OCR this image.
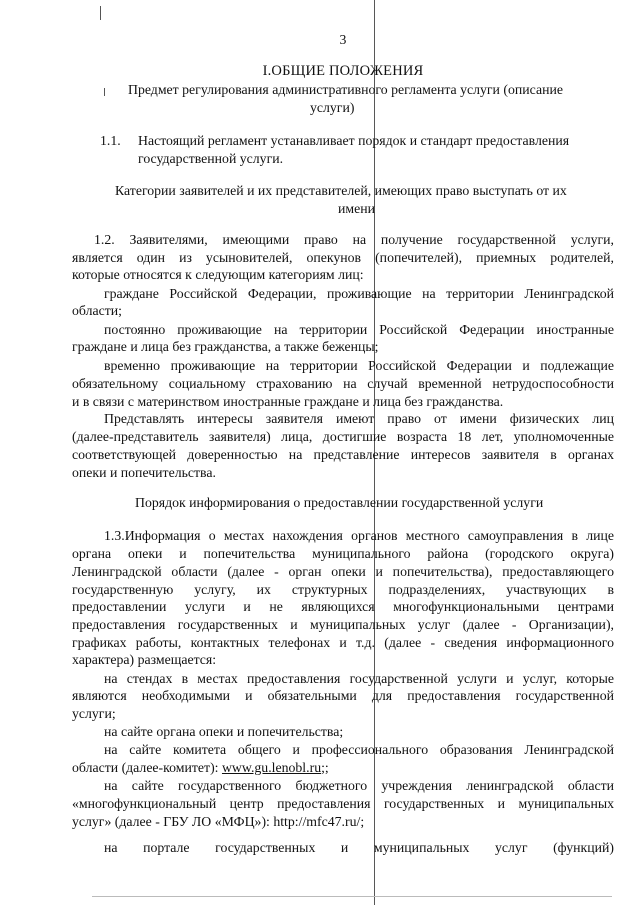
3
I.ОБЩИЕ ПОЛОЖЕНИЯ
Предмет регулирования административного регламента услуги (описание
услуги)
1.1.	Настоящий регламент устанавливает порядок и стандарт предоставления
государственной услуги.
Категории заявителей и их представителей, имеющих право выступать от их
имени
1.2. Заявителями, имеющими право на получение государственной услуги,
является один из усыновителей, опекунов (попечителей), приемных родителей,
которые относятся к следующим категориям лиц:
граждане Российской Федерации, проживающие на территории Ленинградской
области;
постоянно проживающие на территории Российской Федерации иностранные
граждане и лица без гражданства, а также беженцы;
временно проживающие на территории Российской Федерации и подлежащие
обязательному социальному страхованию на случай временной нетрудоспособности
и в связи с материнством иностранные граждане и лица без гражданства.
Представлять интересы заявителя имеют право от имени физических лиц
(далее-представитель заявителя) лица, достигшие возраста 18 лет, уполномоченные
соответствующей доверенностью на представление интересов заявителя в органах
опеки и попечительства.
Порядок информирования о предоставлении государственной услуги
1.3.Информация о местах нахождения органов местного самоуправления в лице
органа опеки и попечительства муниципального района (городского округа)
Ленинградской области (далее - орган опеки и попечительства), предоставляющего
государственную услугу, их структурных подразделениях, участвующих в
предоставлении услуги и не являющихся многофункциональными центрами
предоставления государственных и муниципальных услуг (далее - Организации),
графиках работы, контактных телефонах и т.д. (далее - сведения информационного
характера) размещается:
на стендах в местах предоставления государственной услуги и услуг, которые
являются необходимыми и обязательными для предоставления государственной
услуги;
на сайте органа опеки и попечительства;
на сайте комитета общего и профессионального образования Ленинградской
области (далее-комитет): www.gu.lenobl.ru;;
на сайте государственного бюджетного учреждения ленинградской области
«многофункциональный центр предоставления государственных и муниципальных
услуг» (далее - ГБУ ЛО «МФЦ»): http://mfc47.ru/;
на портале государственных и муниципальных услуг (функций)
